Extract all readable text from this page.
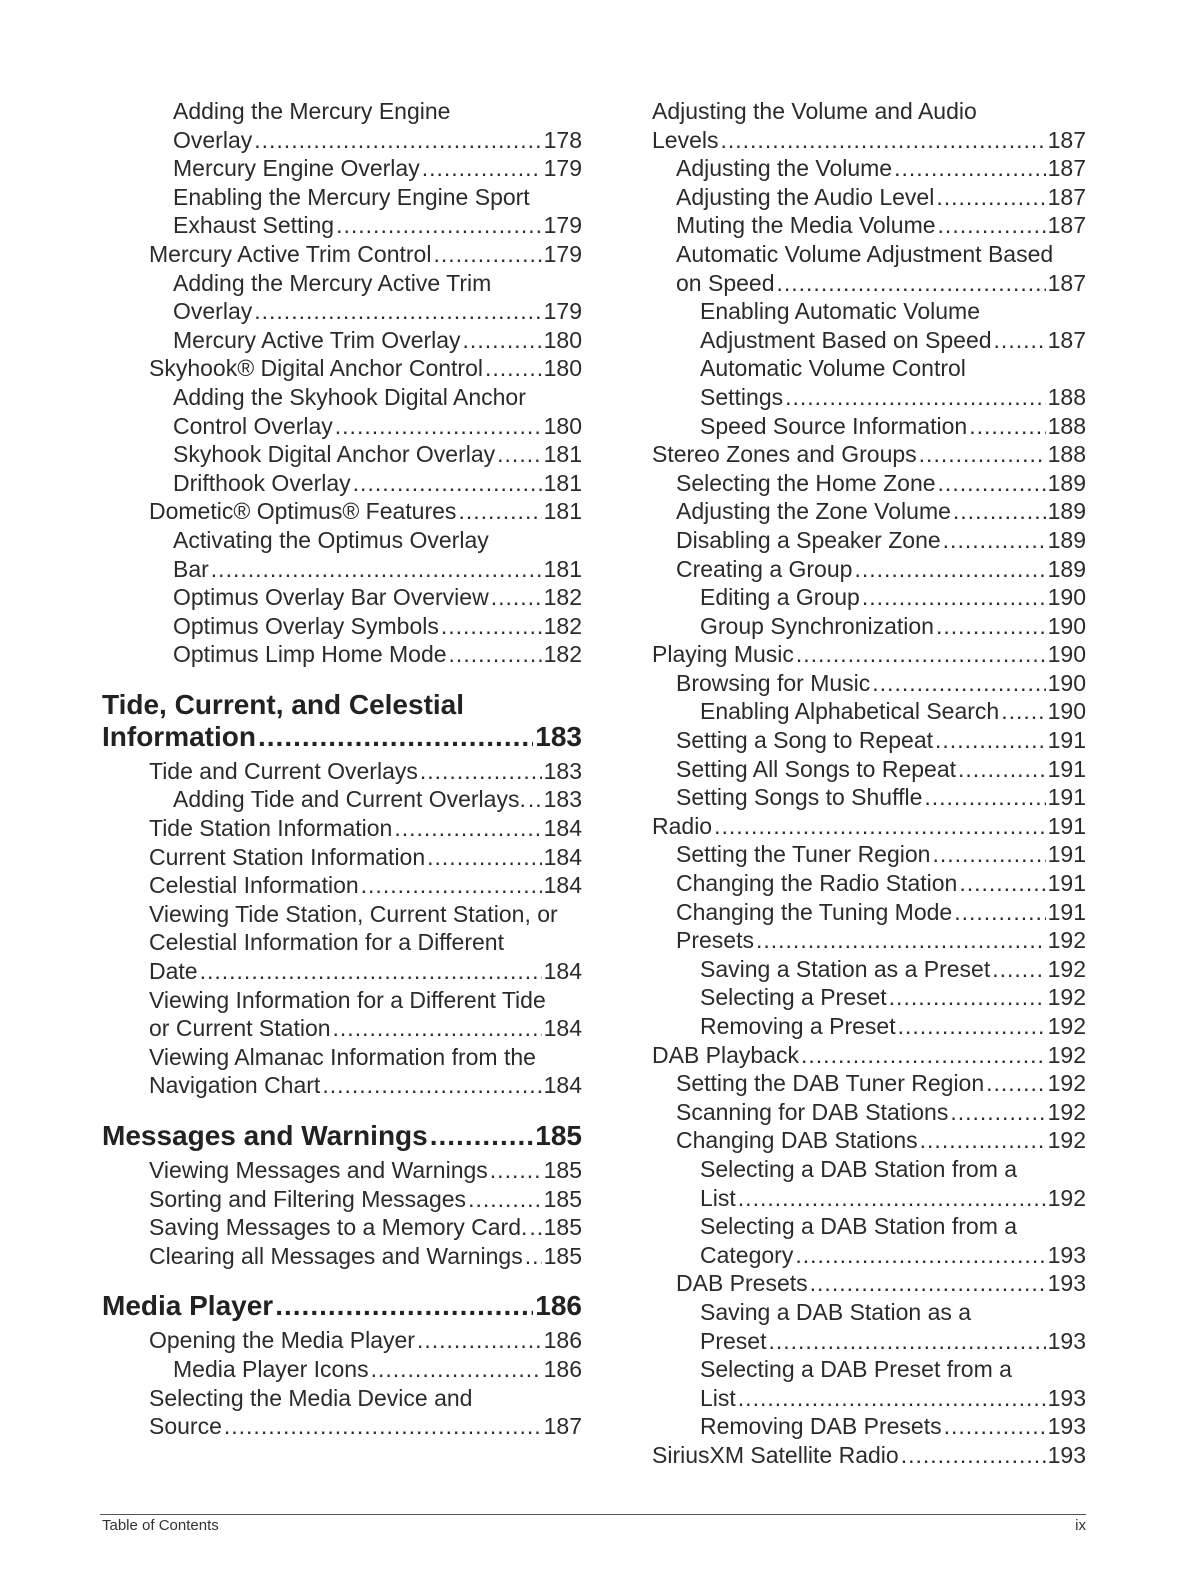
Adding the Mercury Engine
Overlay .....	178
Mercury Engine Overlay .....	179
Enabling the Mercury Engine Sport
Exhaust Setting .....	179
Mercury Active Trim Control .....	179
Adding the Mercury Active Trim
Overlay .....	179
Mercury Active Trim Overlay .....	180
Skyhook® Digital Anchor Control .....	180
Adding the Skyhook Digital Anchor
Control Overlay .....	180
Skyhook Digital Anchor Overlay ..... 181
Drifthook Overlay .....	181
Dometic® Optimus® Features .....	181
Activating the Optimus Overlay
Bar .....	181
Optimus Overlay Bar Overview ..... 182
Optimus Overlay Symbols .....	182
Optimus Limp Home Mode .....	182
Tide, Current, and Celestial
Information .....	183
Tide and Current Overlays .....	183
Adding Tide and Current Overlays. ..... 183
Tide Station Information .....	184
Current Station Information .....	184
Celestial Information .....	184
Viewing Tide Station, Current Station, or
Celestial Information for a Different
Date .....	184
Viewing Information for a Different Tide
or Current Station .....	184
Viewing Almanac Information from the
Navigation Chart .....	184
Messages and Warnings .....	185
Viewing Messages and Warnings ..... 185
Sorting and Filtering Messages .....	185
Saving Messages to a Memory Card. ..... 185
Clearing all Messages and Warnings ..... 185
Media Player .....	186
Opening the Media Player .....	186
Media Player Icons .....	186
Selecting the Media Device and
Source .....	187
Adjusting the Volume and Audio
Levels .....	187
Adjusting the Volume .....	187
Adjusting the Audio Level .....	187
Muting the Media Volume .....	187
Automatic Volume Adjustment Based
on Speed .....	187
Enabling Automatic Volume
Adjustment Based on Speed ..... 187
Automatic Volume Control
Settings .....	188
Speed Source Information .....	188
Stereo Zones and Groups .....	188
Selecting the Home Zone .....	189
Adjusting the Zone Volume .....	189
Disabling a Speaker Zone .....	189
Creating a Group .....	189
Editing a Group .....	190
Group Synchronization .....	190
Playing Music .....	190
Browsing for Music .....	190
Enabling Alphabetical Search ..... 190
Setting a Song to Repeat .....	191
Setting All Songs to Repeat .....	191
Setting Songs to Shuffle .....	191
Radio .....	191
Setting the Tuner Region .....	191
Changing the Radio Station .....	191
Changing the Tuning Mode .....	191
Presets .....	192
Saving a Station as a Preset ..... 192
Selecting a Preset .....	192
Removing a Preset .....	192
DAB Playback .....	192
Setting the DAB Tuner Region .....	192
Scanning for DAB Stations .....	192
Changing DAB Stations .....	192
Selecting a DAB Station from a
List .....	192
Selecting a DAB Station from a
Category .....	193
DAB Presets .....	193
Saving a DAB Station as a
Preset .....	193
Selecting a DAB Preset from a
List .....	193
Removing DAB Presets .....	193
SiriusXM Satellite Radio .....	193
Table of Contents	ix
